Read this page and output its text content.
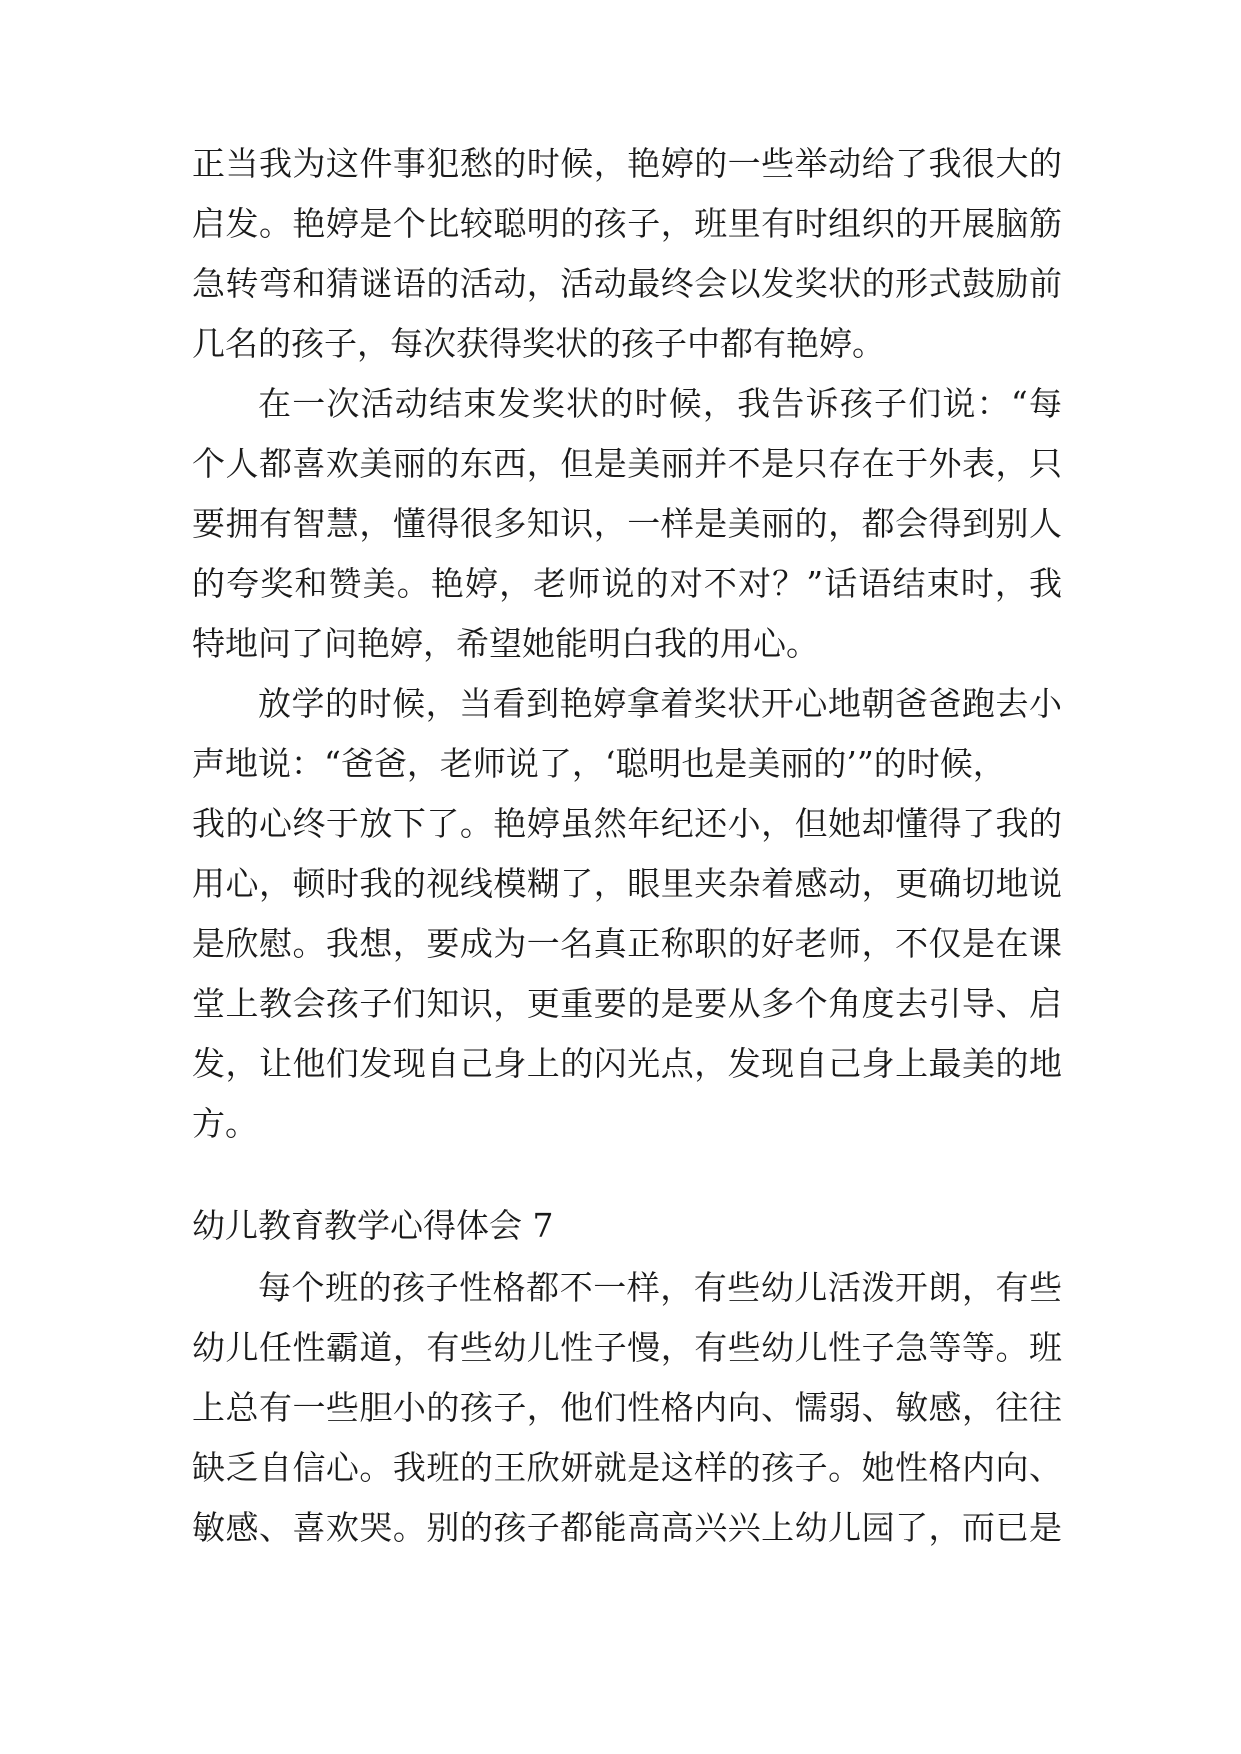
正当我为这件事犯愁的时候，艳婷的一些举动给了我很大的
启发。艳婷是个比较聪明的孩子，班里有时组织的开展脑筋
急转弯和猜谜语的活动，活动最终会以发奖状的形式鼓励前
几名的孩子，每次获得奖状的孩子中都有艳婷。
在一次活动结束发奖状的时候，我告诉孩子们说：“每
个人都喜欢美丽的东西，但是美丽并不是只存在于外表，只
要拥有智慧，懂得很多知识，一样是美丽的，都会得到别人
的夸奖和赞美。艳婷，老师说的对不对？”话语结束时，我
特地问了问艳婷，希望她能明白我的用心。
放学的时候，当看到艳婷拿着奖状开心地朝爸爸跑去小
声地说：“爸爸，老师说了，‘聪明也是美丽的’”的时候，
我的心终于放下了。艳婷虽然年纪还小，但她却懂得了我的
用心，顿时我的视线模糊了，眼里夹杂着感动，更确切地说
是欣慰。我想，要成为一名真正称职的好老师，不仅是在课
堂上教会孩子们知识，更重要的是要从多个角度去引导、启
发，让他们发现自己身上的闪光点，发现自己身上最美的地
方。
幼儿教育教学心得体会 7
每个班的孩子性格都不一样，有些幼儿活泼开朗，有些
幼儿任性霸道，有些幼儿性子慢，有些幼儿性子急等等。班
上总有一些胆小的孩子，他们性格内向、懦弱、敏感，往往
缺乏自信心。我班的王欣妍就是这样的孩子。她性格内向、
敏感、喜欢哭。别的孩子都能高高兴兴上幼儿园了，而已是
